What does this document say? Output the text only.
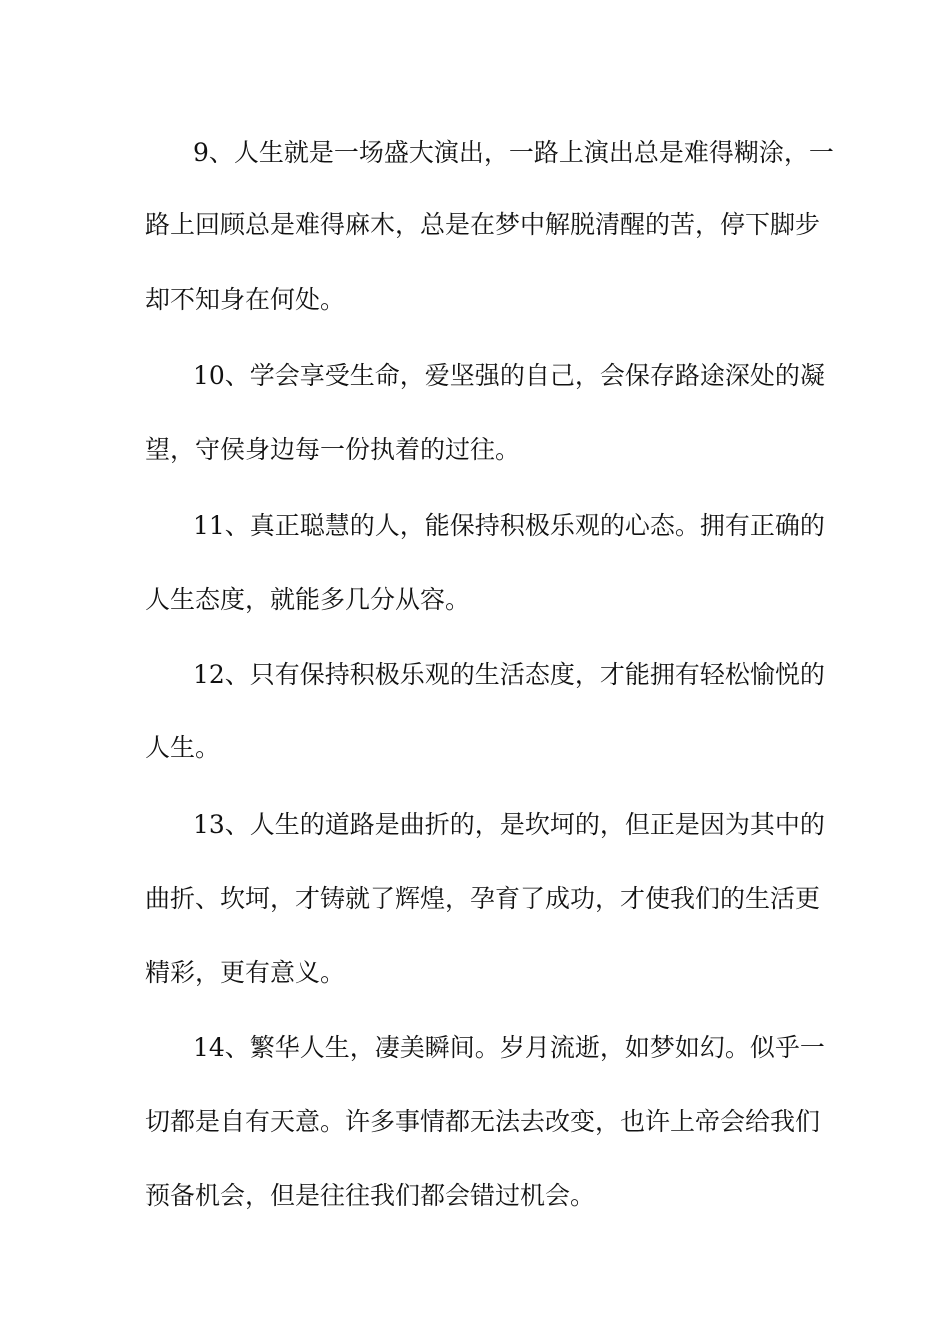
9、人生就是一场盛大演出，一路上演出总是难得糊涂，一
路上回顾总是难得麻木，总是在梦中解脱清醒的苦，停下脚步
却不知身在何处。
10、学会享受生命，爱坚强的自己，会保存路途深处的凝
望，守侯身边每一份执着的过往。
11、真正聪慧的人，能保持积极乐观的心态。拥有正确的
人生态度，就能多几分从容。
12、只有保持积极乐观的生活态度，才能拥有轻松愉悦的
人生。
13、人生的道路是曲折的，是坎坷的，但正是因为其中的
曲折、坎坷，才铸就了辉煌，孕育了成功，才使我们的生活更
精彩，更有意义。
14、繁华人生，凄美瞬间。岁月流逝，如梦如幻。似乎一
切都是自有天意。许多事情都无法去改变，也许上帝会给我们
预备机会，但是往往我们都会错过机会。
